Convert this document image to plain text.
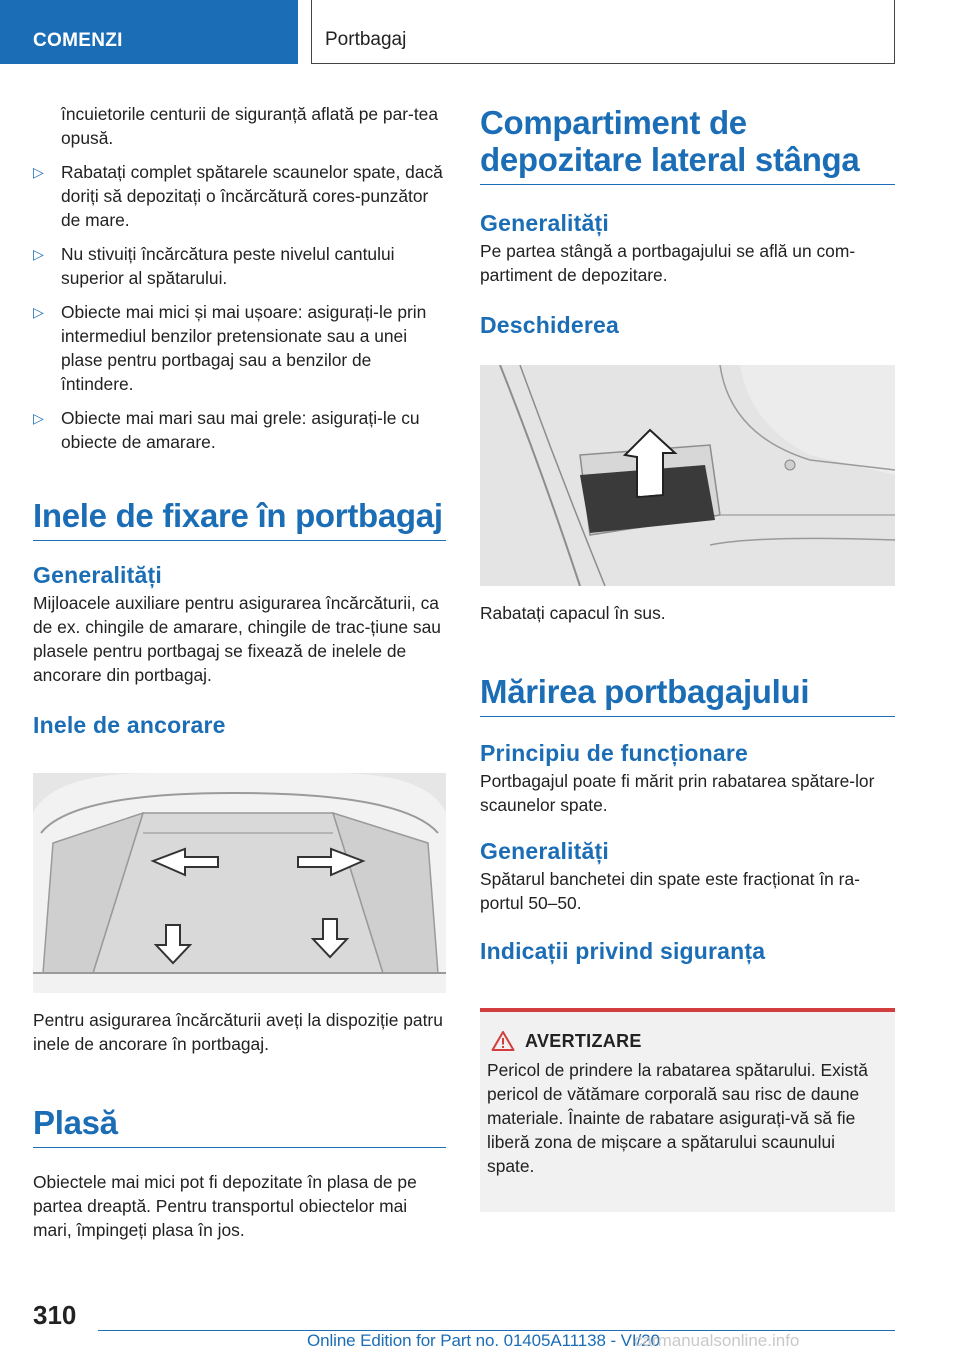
COMENZI	Portbagaj

încuietorile centurii de siguranță aflată pe par-tea opusă.

▷ Rabatați complet spătarele scaunelor spate, dacă doriți să depozitați o încărcătură cores-punzător de mare.
▷ Nu stivuiți încărcătura peste nivelul cantului superior al spătarului.
▷ Obiecte mai mici și mai ușoare: asigurați-le prin intermediul benzilor pretensionate sau a unei plase pentru portbagaj sau a benzilor de întindere.
▷ Obiecte mai mari sau mai grele: asigurați-le cu obiecte de amarare.
Inele de fixare în portbagaj
Generalități

Mijloacele auxiliare pentru asigurarea încărcăturii, ca de ex. chingile de amarare, chingile de trac-țiune sau plasele pentru portbagaj se fixează de inelele de ancorare din portbagaj.

Inele de ancorare

Pentru asigurarea încărcăturii aveți la dispoziție patru inele de ancorare în portbagaj.

Plasă

Obiectele mai mici pot fi depozitate în plasa de pe partea dreaptă. Pentru transportul obiectelor mai mari, împingeți plasa în jos.

Compartiment de depozitare lateral stânga
Generalități

Pe partea stângă a portbagajului se află un com-partiment de depozitare.

Deschiderea

Rabatați capacul în sus.

Mărirea portbagajului
Principiu de funcționare

Portbagajul poate fi mărit prin rabatarea spătare-lor scaunelor spate.

Generalități

Spătarul banchetei din spate este fracționat în ra-portul 50–50.

Indicații privind siguranța
AVERTIZARE

Pericol de prindere la rabatarea spătarului. Există pericol de vătămare corporală sau risc de daune materiale. Înainte de rabatare asigurați-vă să fie liberă zona de mișcare a spătarului scaunului spate.

310
Online Edition for Part no. 01405A11138 - VI/20
carmanualsonline.info
